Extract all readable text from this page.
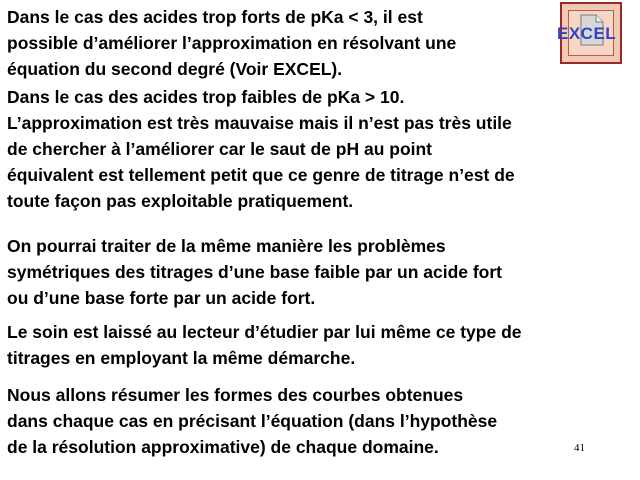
Dans le cas des acides trop forts de pKa < 3, il est
possible d’améliorer l’approximation en résolvant une
équation du second degré (Voir EXCEL).
Dans le cas des acides trop faibles de pKa > 10.
L’approximation est très mauvaise mais il n’est pas très utile
de chercher à l’améliorer car le saut de pH au point
équivalent est tellement petit que ce genre de titrage n’est de
toute façon pas exploitable pratiquement.
On pourrai traiter de la même manière les problèmes
symétriques des titrages d’une base faible par un acide fort
ou d’une base forte par un acide fort.
Le soin est laissé au lecteur d’étudier par lui même ce type de
titrages en employant la même démarche.
Nous allons résumer les formes des courbes obtenues
dans chaque cas en précisant l’équation (dans l’hypothèse
de la résolution approximative) de chaque domaine.
EXCEL
41
